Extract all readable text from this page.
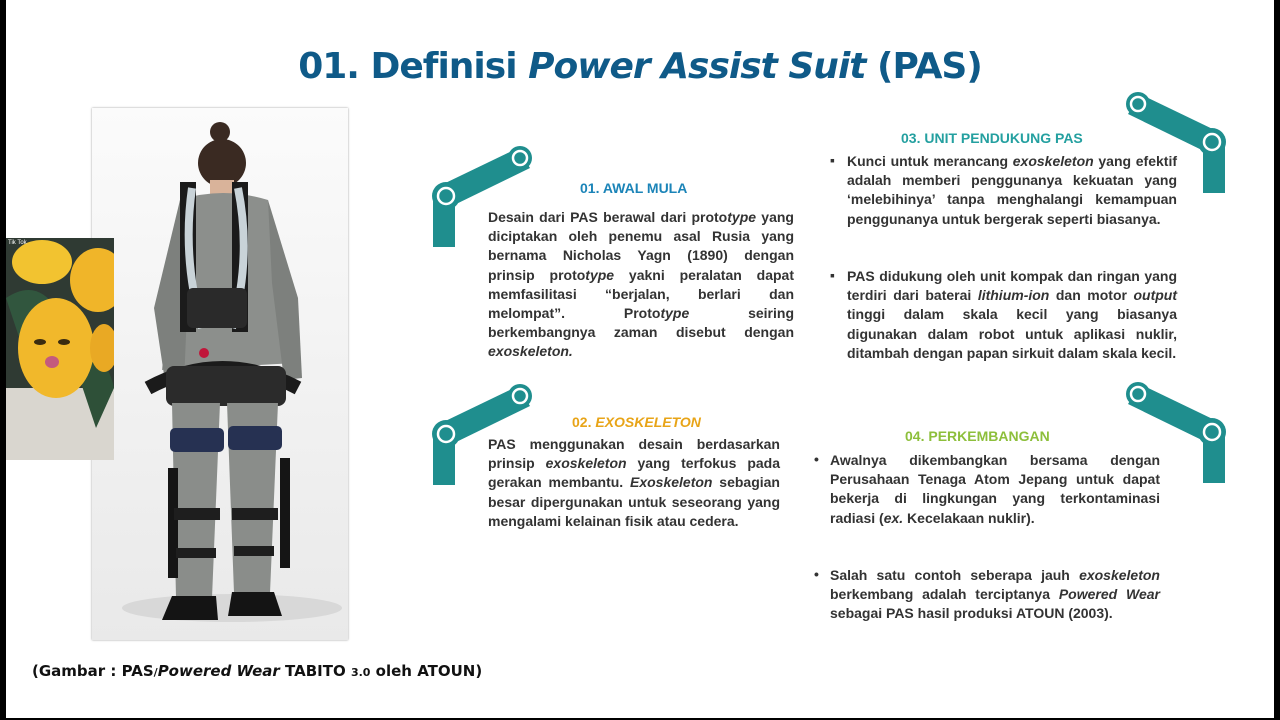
01. Definisi Power Assist Suit (PAS)
Tik Tok
(Gambar : PAS/Powered Wear TABITO 3.0 oleh ATOUN)
01. AWAL MULA
Desain dari PAS berawal dari prototype yang diciptakan oleh penemu asal Rusia yang bernama Nicholas Yagn (1890) dengan prinsip prototype yakni peralatan dapat memfasilitasi “berjalan, berlari dan melompat”. Prototype seiring berkembangnya zaman disebut dengan exoskeleton.
02. EXOSKELETON
PAS menggunakan desain berdasarkan prinsip exoskeleton yang terfokus pada gerakan membantu. Exoskeleton sebagian besar dipergunakan untuk seseorang yang mengalami kelainan fisik atau cedera.
03. UNIT PENDUKUNG PAS
▪ Kunci untuk merancang exoskeleton yang efektif adalah memberi penggunanya kekuatan yang ‘melebihinya’ tanpa menghalangi kemampuan penggunanya untuk bergerak seperti biasanya.
▪ PAS didukung oleh unit kompak dan ringan yang terdiri dari baterai lithium-ion dan motor output tinggi dalam skala kecil yang biasanya digunakan dalam robot untuk aplikasi nuklir, ditambah dengan papan sirkuit dalam skala kecil.
04. PERKEMBANGAN
• Awalnya dikembangkan bersama dengan Perusahaan Tenaga Atom Jepang untuk dapat bekerja di lingkungan yang terkontaminasi radiasi (ex. Kecelakaan nuklir).
• Salah satu contoh seberapa jauh exoskeleton berkembang adalah terciptanya Powered Wear sebagai PAS hasil produksi ATOUN (2003).
